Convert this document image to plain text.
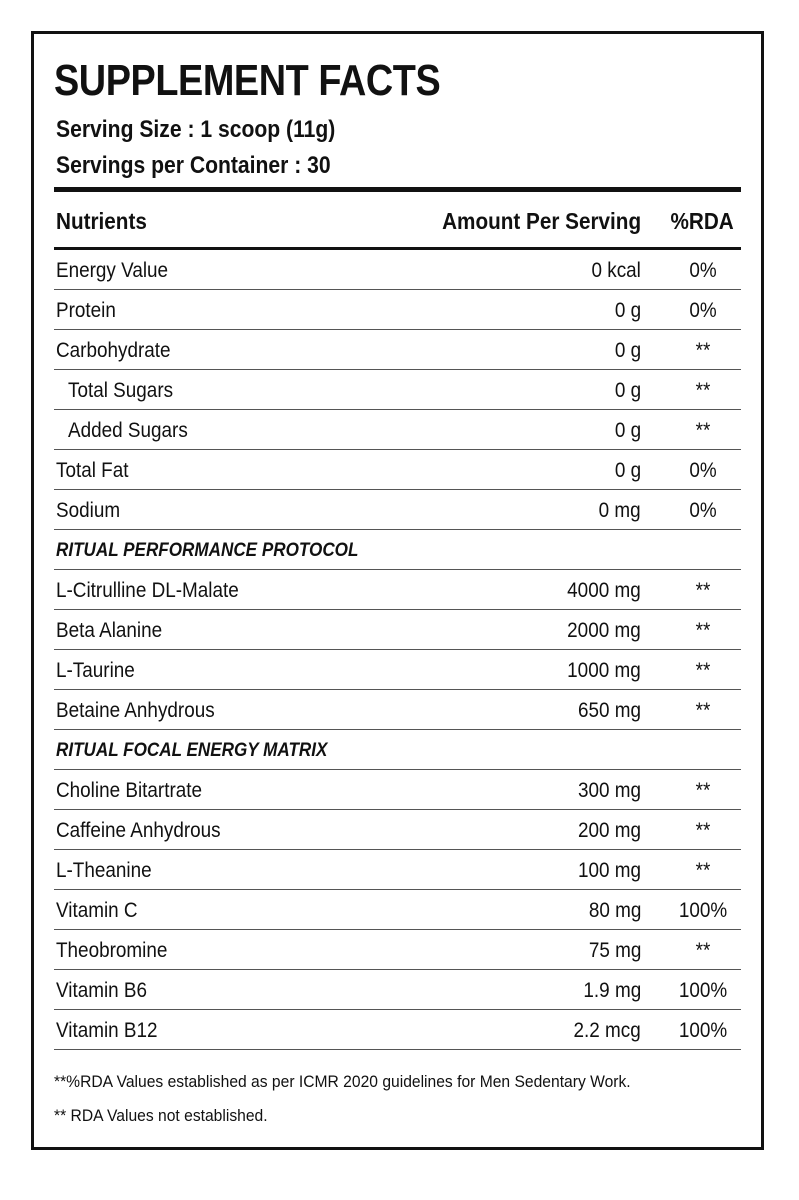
SUPPLEMENT FACTS
Serving Size : 1 scoop (11g)
Servings per Container : 30
Nutrients	Amount Per Serving %RDA
Energy Value	0 kcal	0%
Protein	0 g	0%
Carbohydrate	0 g	**
Total Sugars	0 g	**
Added Sugars	0 g	**
Total Fat	0 g	0%
Sodium	0 mg	0%
RITUAL PERFORMANCE PROTOCOL
L-Citrulline DL-Malate	4000 mg	**
Beta Alanine	2000 mg	**
L-Taurine	1000 mg	**
Betaine Anhydrous	650 mg	**
RITUAL FOCAL ENERGY MATRIX
Choline Bitartrate	300 mg	**
Caffeine Anhydrous	200 mg	**
L-Theanine	100 mg	**
Vitamin C	80 mg 100%
Theobromine	75 mg	**
Vitamin B6	1.9 mg 100%
Vitamin B12	2.2 mcg 100%
**%RDA Values established as per ICMR 2020 guidelines for Men Sedentary Work.
** RDA Values not established.
